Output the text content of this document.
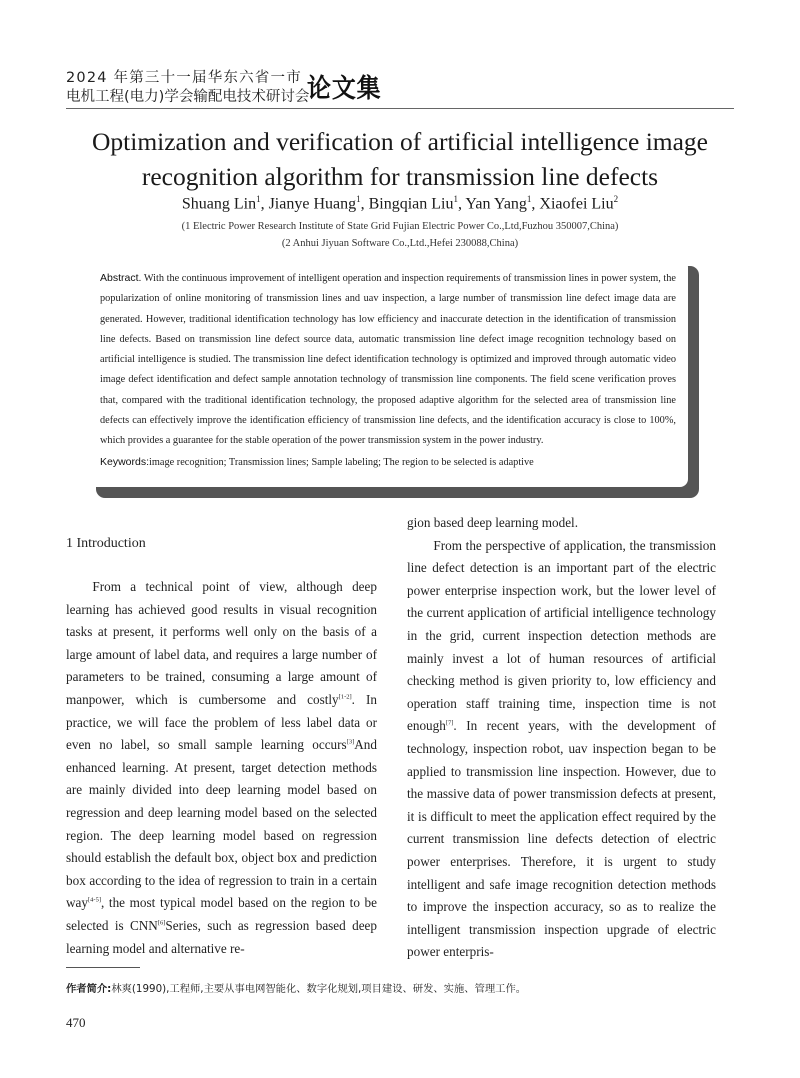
2024 年第三十一届华东六省一市
电机工程(电力)学会输配电技术研讨会
论文集
Optimization and verification of artificial intelligence image
recognition algorithm for transmission line defects
Shuang Lin$^1$, Jianye Huang$^1$, Bingqian Liu$^1$, Yan Yang$^1$, Xiaofei Liu$^2$
(1 Electric Power Research Institute of State Grid Fujian Electric Power Co.,Ltd,Fuzhou 350007,China)
(2 Anhui Jiyuan Software Co.,Ltd.,Hefei 230088,China)
Abstract. With the continuous improvement of intelligent operation and inspection requirements of transmission lines in power system, the popularization of online monitoring of transmission lines and uav inspection, a large number of transmission line defect image data are generated. However, traditional identification technology has low efficiency and inaccurate detection in the identification of transmission line defects. Based on transmission line defect source data, automatic transmission line defect image recognition technology based on artificial intelligence is studied. The transmission line defect identification technology is optimized and improved through automatic video image defect identification and defect sample annotation technology of transmission line components. The field scene verification proves that, compared with the traditional identification technology, the proposed adaptive algorithm for the selected area of transmission line defects can effectively improve the identification efficiency of transmission line defects, and the identification accuracy is close to 100%, which provides a guarantee for the stable operation of the power transmission system in the power industry.
Keywords:image recognition; Transmission lines; Sample labeling; The region to be selected is adaptive

1 Introduction

From a technical point of view, although deep learning has achieved good results in visual recognition tasks at present, it performs well only on the basis of a large amount of label data, and requires a large number of parameters to be trained, consuming a large amount of manpower, which is cumbersome and costly[1-2]. In practice, we will face the problem of less label data or even no label, so small sample learning occurs[3]And enhanced learning. At present, target detection methods are mainly divided into deep learning model based on regression and deep learning model based on the selected region. The deep learning model based on regression should establish the default box, object box and prediction box according to the idea of regression to train in a certain way[4-5], the most typical model based on the region to be selected is CNN[6]Series, such as regression based deep learning model and alternative re-

gion based deep learning model.

From the perspective of application, the transmission line defect detection is an important part of the electric power enterprise inspection work, but the lower level of the current application of artificial intelligence technology in the grid, current inspection detection methods are mainly invest a lot of human resources of artificial checking method is given priority to, low efficiency and operation staff training time, inspection time is not enough[7]. In recent years, with the development of technology, inspection robot, uav inspection began to be applied to transmission line inspection. However, due to the massive data of power transmission defects at present, it is difficult to meet the application effect required by the current transmission line defects detection of electric power enterprises. Therefore, it is urgent to study intelligent and safe image recognition detection methods to improve the inspection accuracy, so as to realize the intelligent transmission inspection upgrade of electric power enterpris-

作者简介:林爽(1990),工程师,主要从事电网智能化、数字化规划,项目建设、研发、实施、管理工作。
470
